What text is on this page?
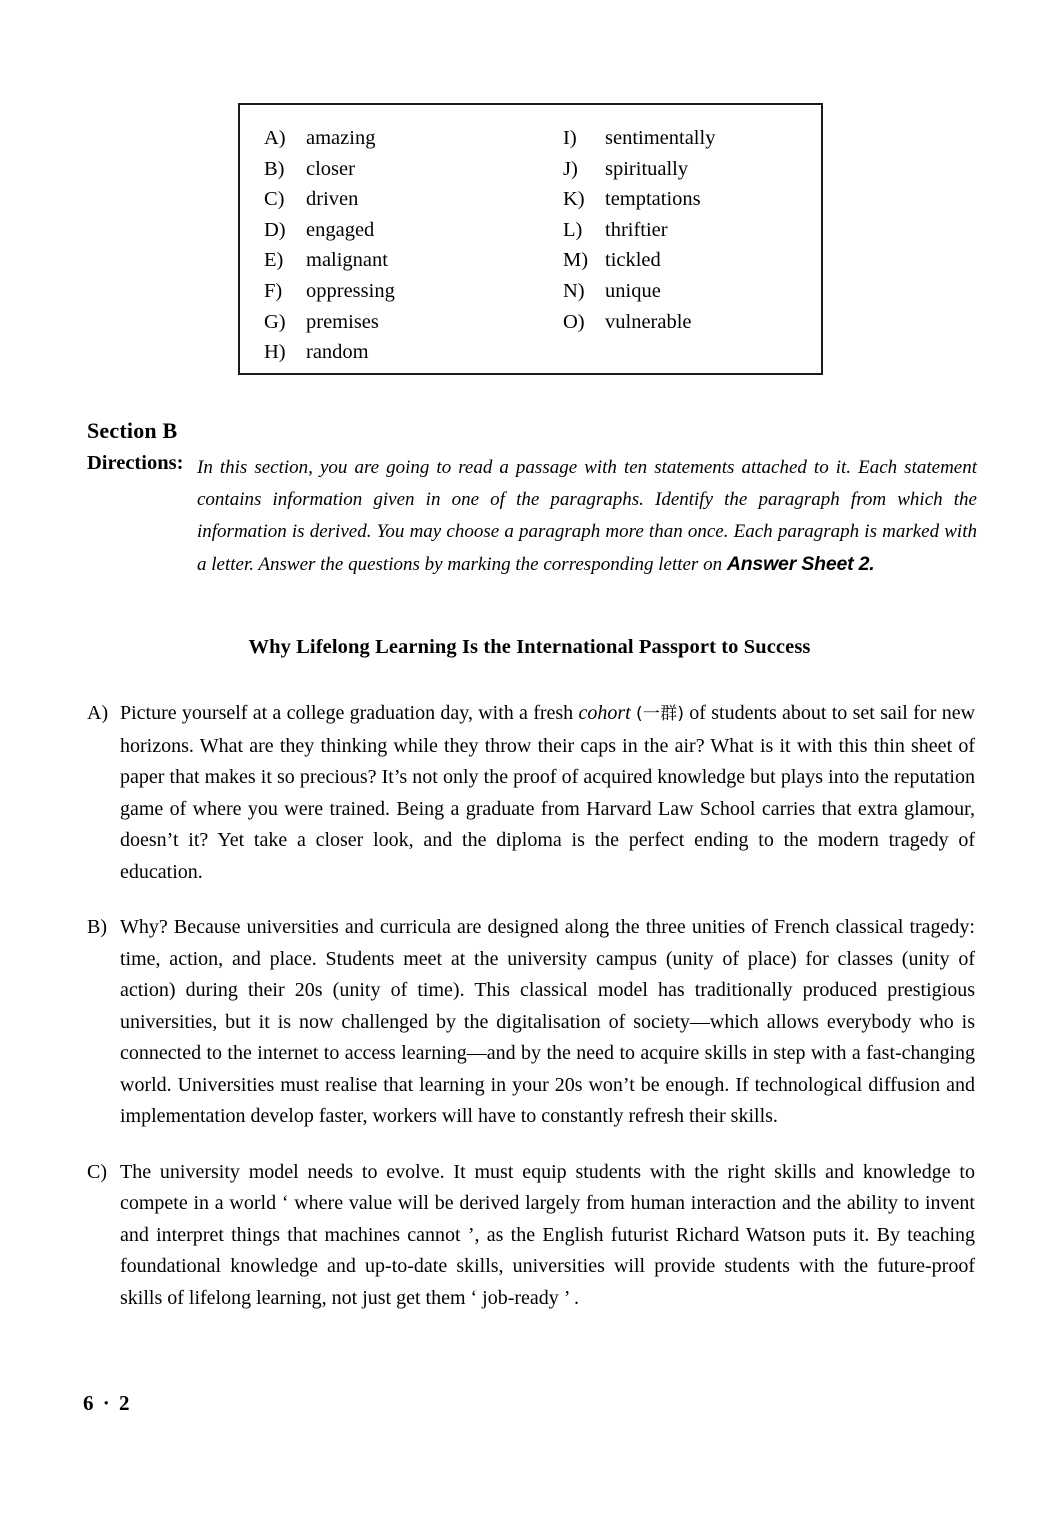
A) amazing
B) closer
C) driven
D) engaged
E) malignant
F) oppressing
G) premises
H) random
I) sentimentally
J) spiritually
K) temptations
L) thriftier
M) tickled
N) unique
O) vulnerable
Section B
Directions: In this section, you are going to read a passage with ten statements attached to it. Each statement contains information given in one of the paragraphs. Identify the paragraph from which the information is derived. You may choose a paragraph more than once. Each paragraph is marked with a letter. Answer the questions by marking the corresponding letter on Answer Sheet 2.
Why Lifelong Learning Is the International Passport to Success
A) Picture yourself at a college graduation day, with a fresh cohort (一群) of students about to set sail for new horizons. What are they thinking while they throw their caps in the air? What is it with this thin sheet of paper that makes it so precious? It’s not only the proof of acquired knowledge but plays into the reputation game of where you were trained. Being a graduate from Harvard Law School carries that extra glamour, doesn’t it? Yet take a closer look, and the diploma is the perfect ending to the modern tragedy of education.
B) Why? Because universities and curricula are designed along the three unities of French classical tragedy: time, action, and place. Students meet at the university campus (unity of place) for classes (unity of action) during their 20s (unity of time). This classical model has traditionally produced prestigious universities, but it is now challenged by the digitalisation of society—which allows everybody who is connected to the internet to access learning—and by the need to acquire skills in step with a fast-changing world. Universities must realise that learning in your 20s won’t be enough. If technological diffusion and implementation develop faster, workers will have to constantly refresh their skills.
C) The university model needs to evolve. It must equip students with the right skills and knowledge to compete in a world ‘ where value will be derived largely from human interaction and the ability to invent and interpret things that machines cannot ’, as the English futurist Richard Watson puts it. By teaching foundational knowledge and up-to-date skills, universities will provide students with the future-proof skills of lifelong learning, not just get them ‘ job-ready ’ .
6 · 2
